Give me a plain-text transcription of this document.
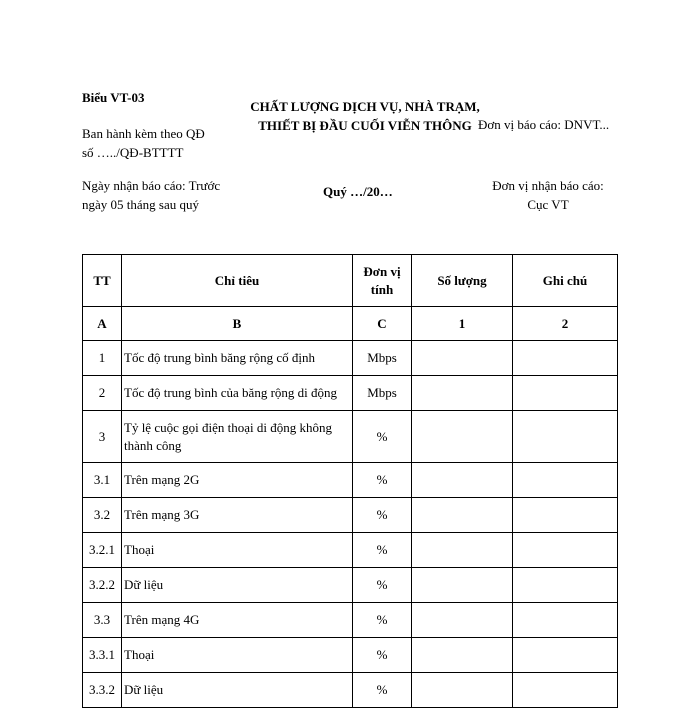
Biểu VT-03
Ban hành kèm theo QĐ
số …../QĐ-BTTTT
CHẤT LƯỢNG DỊCH VỤ, NHÀ TRẠM, THIẾT BỊ ĐẦU CUỐI VIỄN THÔNG Đơn vị báo cáo: DNVT...
Ngày nhận báo cáo: Trước
ngày 05 tháng sau quý
Quý …/20…	Đơn vị nhận báo cáo:
Cục VT
TT	Chỉ tiêu	Đơn vị tính	Số lượng	Ghi chú
A	B	C	1	2
1	Tốc độ trung bình băng rộng cố định	Mbps		
2	Tốc độ trung bình của băng rộng di động	Mbps		
3	Tỷ lệ cuộc gọi điện thoại di động không thành công	%		
3.1	Trên mạng 2G	%		
3.2	Trên mạng 3G	%		
3.2.1	Thoại	%		
3.2.2	Dữ liệu	%		
3.3	Trên mạng 4G	%		
3.3.1	Thoại	%		
3.3.2	Dữ liệu	%		
